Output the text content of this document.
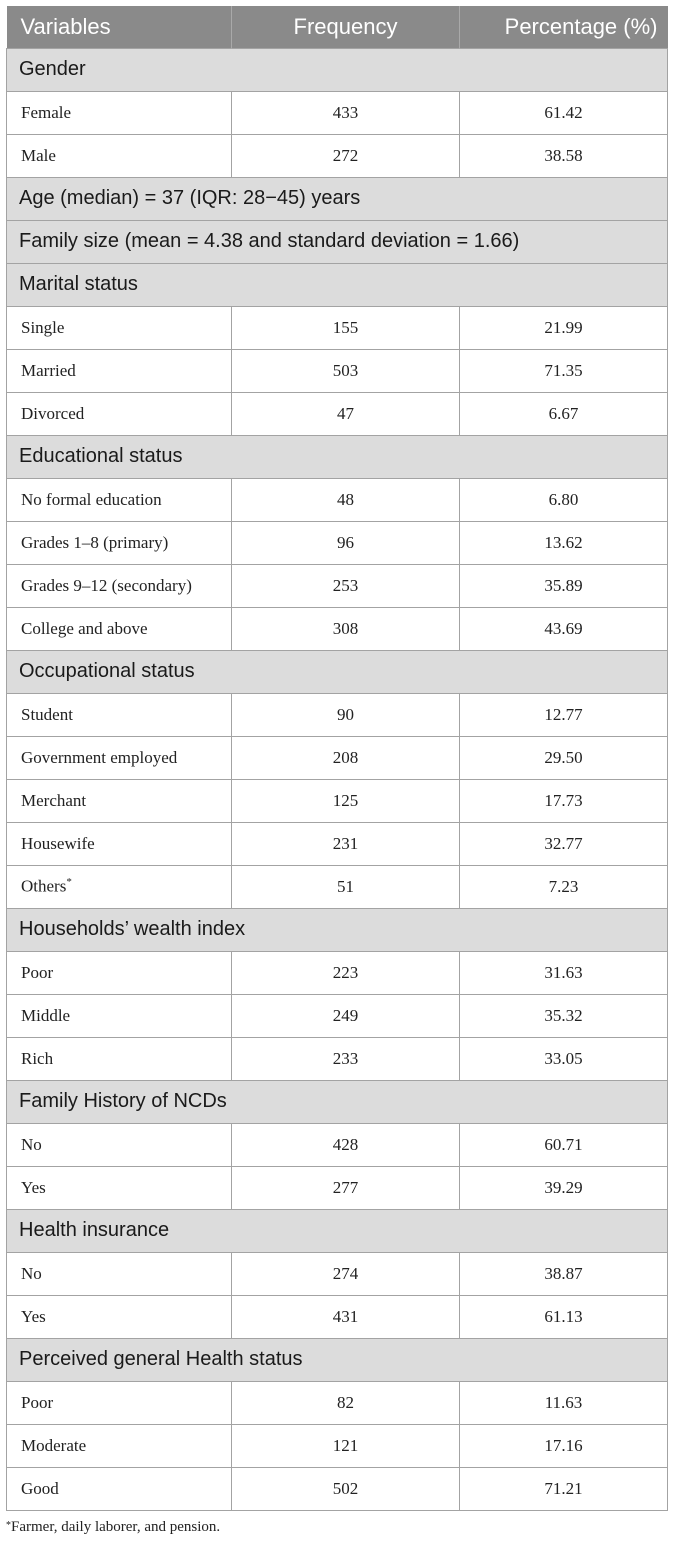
Variables	Frequency	Percentage (%)
Gender		
Female	433	61.42
Male	272	38.58
Age (median) = 37 (IQR: 28−45) years		
Family size (mean = 4.38 and standard deviation = 1.66)		
Marital status		
Single	155	21.99
Married	503	71.35
Divorced	47	6.67
Educational status		
No formal education	48	6.80
Grades 1–8 (primary)	96	13.62
Grades 9–12 (secondary)	253	35.89
College and above	308	43.69
Occupational status		
Student	90	12.77
Government employed	208	29.50
Merchant	125	17.73
Housewife	231	32.77
Others*	51	7.23
Households’ wealth index		
Poor	223	31.63
Middle	249	35.32
Rich	233	33.05
Family History of NCDs		
No	428	60.71
Yes	277	39.29
Health insurance		
No	274	38.87
Yes	431	61.13
Perceived general Health status		
Poor	82	11.63
Moderate	121	17.16
Good	502	71.21

*Farmer, daily laborer, and pension.
